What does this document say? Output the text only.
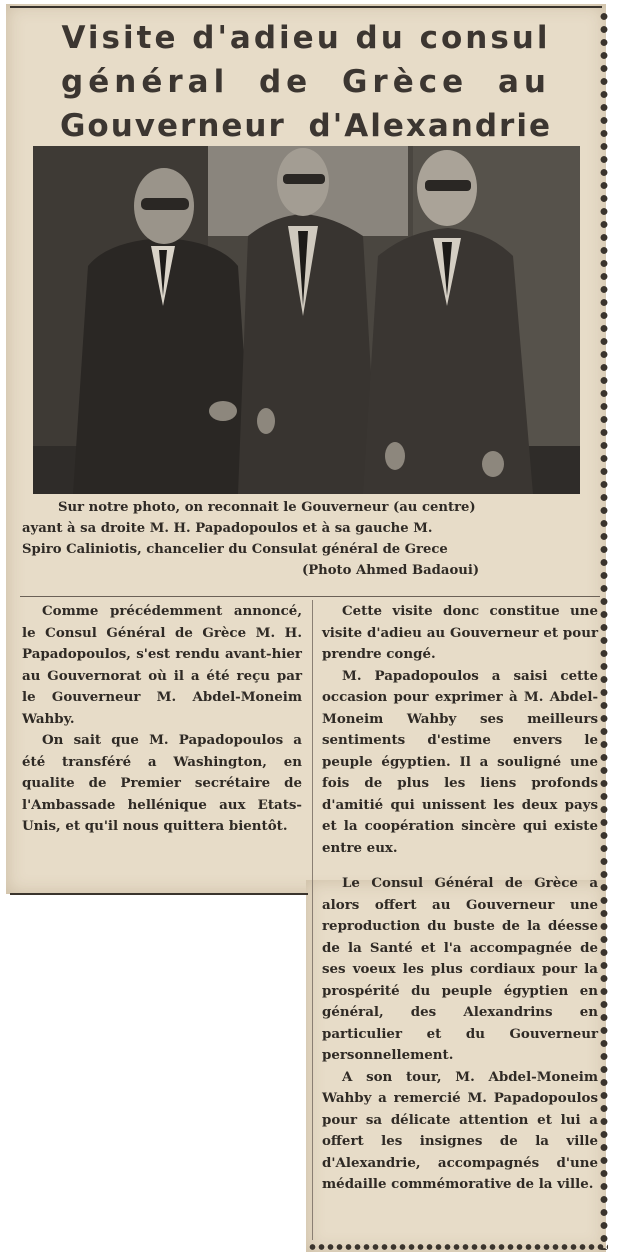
Visite d'adieu du consul
général de Grèce au
Gouverneur d'Alexandrie

Sur notre photo, on reconnait le Gouverneur (au centre)

ayant à sa droite M. H. Papadopoulos et à sa gauche M.

Spiro Caliniotis, chancelier du Consulat général de Grece

(Photo Ahmed Badaoui)

Comme précédemment annoncé, le Consul Général de Grèce M. H. Papadopoulos, s'est rendu avant-hier au Gouvernorat où il a été reçu par le Gouverneur M. Abdel-Moneim Wahby.

On sait que M. Papadopoulos a été transféré a Washington, en qualite de Premier secrétaire de l'Ambassade hellénique aux Etats-Unis, et qu'il nous quittera bientôt.

Cette visite donc constitue une visite d'adieu au Gouverneur et pour prendre congé.

M. Papadopoulos a saisi cette occasion pour exprimer à M. Abdel-Moneim Wahby ses meilleurs sentiments d'estime envers le peuple égyptien. Il a souligné une fois de plus les liens profonds d'amitié qui unissent les deux pays et la coopération sincère qui existe entre eux.

Le Consul Général de Grèce a alors offert au Gouverneur une reproduction du buste de la déesse de la Santé et l'a accompagnée de ses voeux les plus cordiaux pour la prospérité du peuple égyptien en général, des Alexandrins en particulier et du Gouverneur personnellement.

A son tour, M. Abdel-Moneim Wahby a remercié M. Papadopoulos pour sa délicate attention et lui a offert les insignes de la ville d'Alexandrie, accompagnés d'une médaille commémorative de la ville.
